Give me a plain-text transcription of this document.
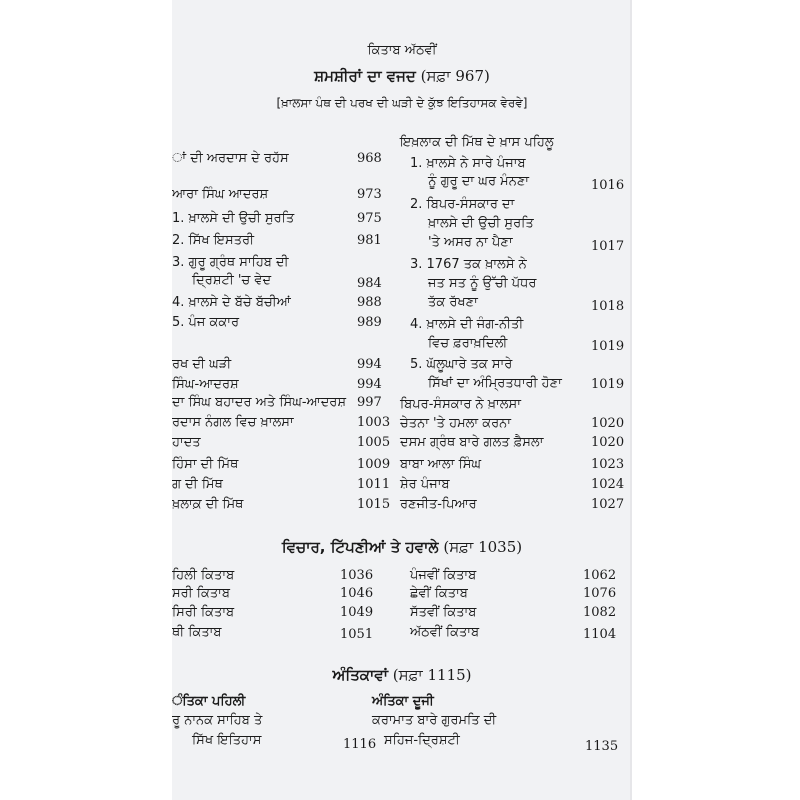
ਕਿਤਾਬ ਅੱਠਵੀਂ
ਸ਼ਮਸ਼ੀਰਾਂ ਦਾ ਵਜਦ (ਸਫ਼ਾ 967)
[ਖ਼ਾਲਸਾ ਪੰਥ ਦੀ ਪਰਖ ਦੀ ਘੜੀ ਦੇ ਕੁੱਝ ਇਤਿਹਾਸਕ ਵੇਰਵੇ]
ਾਂ ਦੀ ਅਰਦਾਸ ਦੇ ਰਹੱਸ	968
ਆਰਾ ਸਿੰਘ ਆਦਰਸ਼	973
1. ਖ਼ਾਲਸੇ ਦੀ ਉਚੀ ਸੁਰਤਿ	975
2. ਸਿੱਖ ਇਸਤਰੀ	981
3. ਗੁਰੂ ਗ੍ਰੰਥ ਸਾਹਿਬ ਦੀ
ਦ੍ਰਿਸ਼ਟੀ 'ਚ ਵੇਦ	984
4. ਖ਼ਾਲਸੇ ਦੇ ਬੱਚੇ ਬੱਚੀਆਂ	988
5. ਪੰਜ ਕਕਾਰ	989
ਰਖ ਦੀ ਘੜੀ	994
ਸਿੰਘ-ਆਦਰਸ਼	994
ਦਾ ਸਿੰਘ ਬਹਾਦਰ ਅਤੇ ਸਿੰਘ-ਆਦਰਸ਼ 997
ਰਦਾਸ ਨੰਗਲ ਵਿਚ ਖ਼ਾਲਸਾ	1003
ਹਾਦਤ	1005
ਹਿੰਸਾ ਦੀ ਮਿੱਥ	1009
ਗ ਦੀ ਮਿੱਥ	1011
ਖ਼ਲਾਕ਼ ਦੀ ਮਿੱਥ	1015
ਇਖ਼ਲਾਕ ਦੀ ਮਿੱਥ ਦੇ ਖ਼ਾਸ ਪਹਿਲੂ
1. ਖ਼ਾਲਸੇ ਨੇ ਸਾਰੇ ਪੰਜਾਬ
ਨੂੰ ਗੁਰੂ ਦਾ ਘਰ ਮੰਨਣਾ	1016
2. ਬਿਪਰ-ਸੰਸਕਾਰ ਦਾ
ਖ਼ਾਲਸੇ ਦੀ ਉਚੀ ਸੁਰਤਿ
'ਤੇ ਅਸਰ ਨਾ ਪੈਣਾ	1017
3. 1767 ਤਕ ਖ਼ਾਲਸੇ ਨੇ
ਜਤ ਸਤ ਨੂੰ ਉੱਚੀ ਪੱਧਰ
ਤੱਕ ਰੱਖਣਾ	1018
4. ਖ਼ਾਲਸੇ ਦੀ ਜੰਗ-ਨੀਤੀ
ਵਿਚ ਫ਼ਰਾਖ਼ਦਿਲੀ	1019
5. ਘੱਲੂਘਾਰੇ ਤਕ ਸਾਰੇ
ਸਿੱਖਾਂ ਦਾ ਅੰਮ੍ਰਿਤਧਾਰੀ ਹੋਣਾ 1019
ਬਿਪਰ-ਸੰਸਕਾਰ ਨੇ ਖ਼ਾਲਸਾ
ਚੇਤਨਾ 'ਤੇ ਹਮਲਾ ਕਰਨਾ	1020
ਦਸਮ ਗ੍ਰੰਥ ਬਾਰੇ ਗਲਤ ਫ਼ੈਸਲਾ	1020
ਬਾਬਾ ਆਲਾ ਸਿੰਘ	1023
ਸ਼ੇਰ ਪੰਜਾਬ	1024
ਰਣਜੀਤ-ਪਿਆਰ	1027
ਵਿਚਾਰ, ਟਿੱਪਣੀਆਂ ਤੇ ਹਵਾਲੇ (ਸਫ਼ਾ 1035)
ਹਿਲੀ ਕਿਤਾਬ	1036
ਸਰੀ ਕਿਤਾਬ	1046
ਸਿਰੀ ਕਿਤਾਬ	1049
ਥੀ ਕਿਤਾਬ	1051
ਪੰਜਵੀਂ ਕਿਤਾਬ	1062
ਛੇਵੀਂ ਕਿਤਾਬ	1076
ਸੱਤਵੀਂ ਕਿਤਾਬ	1082
ਅੱਠਵੀਂ ਕਿਤਾਬ	1104
ਅੰਤਿਕਾਵਾਂ (ਸਫ਼ਾ 1115)
ੰਤਿਕਾ ਪਹਿਲੀ
ਰੂ ਨਾਨਕ ਸਾਹਿਬ ਤੇ
ਸਿੱਖ ਇਤਿਹਾਸ	1116
ਅੰਤਿਕਾ ਦੂਜੀ
ਕਰਾਮਾਤ ਬਾਰੇ ਗੁਰਮਤਿ ਦੀ
ਸਹਿਜ-ਦ੍ਰਿਸ਼ਟੀ	1135
